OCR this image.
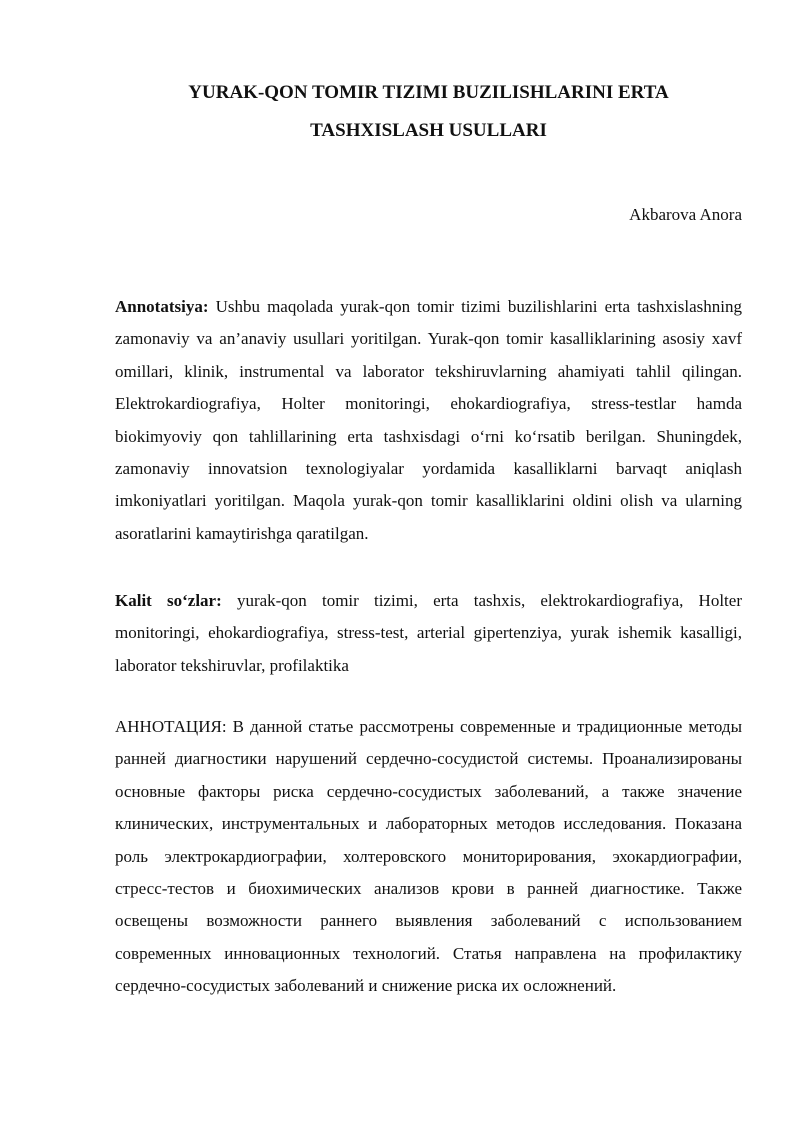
YURAK-QON TOMIR TIZIMI BUZILISHLARINI ERTA
TASHXISLASH USULLARI

Akbarova Anora

Annotatsiya: Ushbu maqolada yurak-qon tomir tizimi buzilishlarini erta tashxislashning zamonaviy va an’anaviy usullari yoritilgan. Yurak-qon tomir kasalliklarining asosiy xavf omillari, klinik, instrumental va laborator tekshiruvlarning ahamiyati tahlil qilingan. Elektrokardiografiya, Holter monitoringi, ehokardiografiya, stress-testlar hamda biokimyoviy qon tahlillarining erta tashxisdagi o‘rni ko‘rsatib berilgan. Shuningdek, zamonaviy innovatsion texnologiyalar yordamida kasalliklarni barvaqt aniqlash imkoniyatlari yoritilgan. Maqola yurak-qon tomir kasalliklarini oldini olish va ularning asoratlarini kamaytirishga qaratilgan.

Kalit so‘zlar: yurak-qon tomir tizimi, erta tashxis, elektrokardiografiya, Holter monitoringi, ehokardiografiya, stress-test, arterial gipertenziya, yurak ishemik kasalligi, laborator tekshiruvlar, profilaktika

АННОТАЦИЯ: В данной статье рассмотрены современные и традиционные методы ранней диагностики нарушений сердечно-сосудистой системы. Проанализированы основные факторы риска сердечно-сосудистых заболеваний, а также значение клинических, инструментальных и лабораторных методов исследования. Показана роль электрокардиографии, холтеровского мониторирования, эхокардиографии, стресс-тестов и биохимических анализов крови в ранней диагностике. Также освещены возможности раннего выявления заболеваний с использованием современных инновационных технологий. Статья направлена на профилактику сердечно-сосудистых заболеваний и снижение риска их осложнений.
